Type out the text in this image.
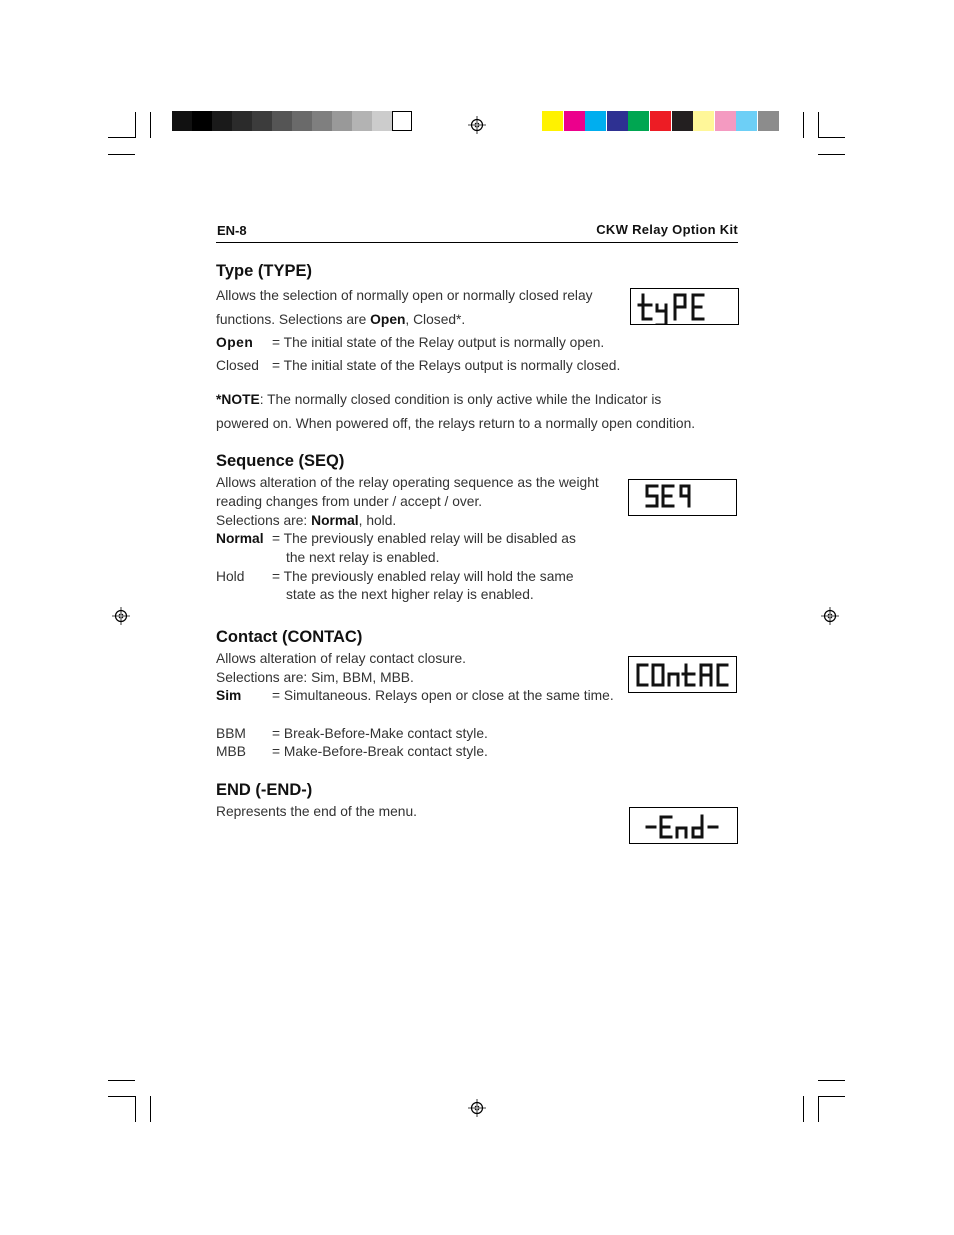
EN-8	CKW Relay Option Kit
Type (TYPE)
Allows the selection of normally open or normally closed relay
functions. Selections are Open, Closed*.
Open = The initial state of the Relay output is normally open.
Closed = The initial state of the Relays output is normally closed.
*NOTE: The normally closed condition is only active while the Indicator is
powered on. When powered off, the relays return to a normally open condition.
Sequence (SEQ)
Allows alteration of the relay operating sequence as the weight
reading changes from under / accept / over.
Selections are: Normal, hold.
Normal = The previously enabled relay will be disabled as
the next relay is enabled.
Hold = The previously enabled relay will hold the same
state as the next higher relay is enabled.
Contact (CONTAC)
Allows alteration of relay contact closure.
Selections are: Sim, BBM, MBB.
Sim = Simultaneous. Relays open or close at the same time.
BBM = Break-Before-Make contact style.
MBB = Make-Before-Break contact style.
END (-END-)
Represents the end of the menu.
